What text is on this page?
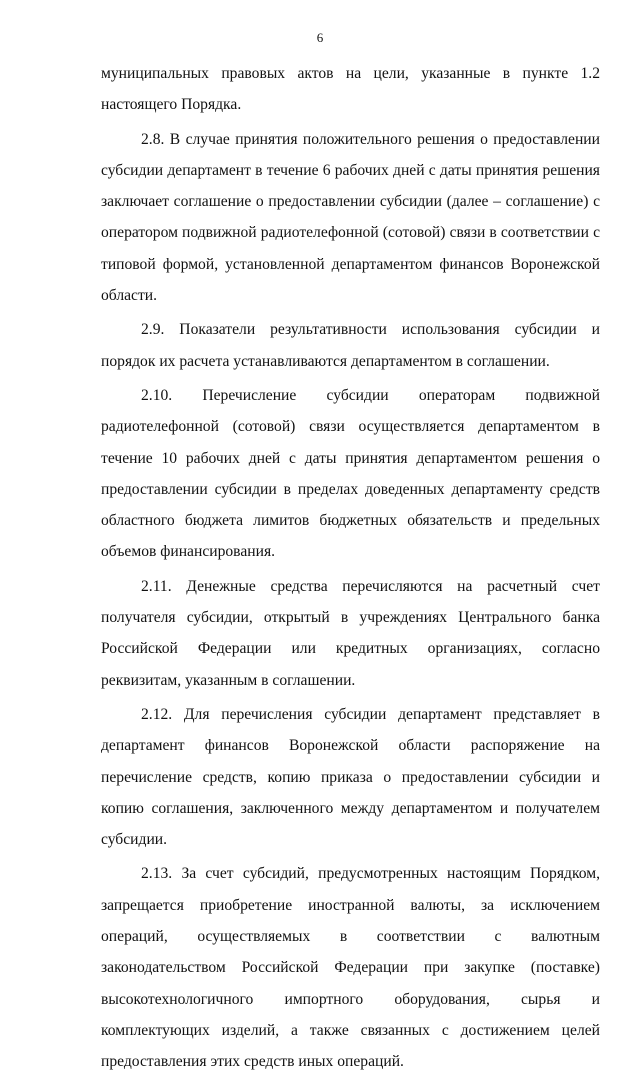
6

муниципальных правовых актов на цели, указанные в пункте 1.2 настоящего Порядка.

2.8. В случае принятия положительного решения о предоставлении субсидии департамент в течение 6 рабочих дней с даты принятия решения заключает соглашение о предоставлении субсидии (далее – соглашение) с оператором подвижной радиотелефонной (сотовой) связи в соответствии с типовой формой, установленной департаментом финансов Воронежской области.

2.9. Показатели результативности использования субсидии и порядок их расчета устанавливаются департаментом в соглашении.

2.10. Перечисление субсидии операторам подвижной радиотелефонной (сотовой) связи осуществляется департаментом в течение 10 рабочих дней с даты принятия департаментом решения о предоставлении субсидии в пределах доведенных департаменту средств областного бюджета лимитов бюджетных обязательств и предельных объемов финансирования.

2.11. Денежные средства перечисляются на расчетный счет получателя субсидии, открытый в учреждениях Центрального банка Российской Федерации или кредитных организациях, согласно реквизитам, указанным в соглашении.

2.12. Для перечисления субсидии департамент представляет в департамент финансов Воронежской области распоряжение на перечисление средств, копию приказа о предоставлении субсидии и копию соглашения, заключенного между департаментом и получателем субсидии.

2.13. За счет субсидий, предусмотренных настоящим Порядком, запрещается приобретение иностранной валюты, за исключением операций, осуществляемых в соответствии с валютным законодательством Российской Федерации при закупке (поставке) высокотехнологичного импортного оборудования, сырья и комплектующих изделий, а также связанных с достижением целей предоставления этих средств иных операций.
